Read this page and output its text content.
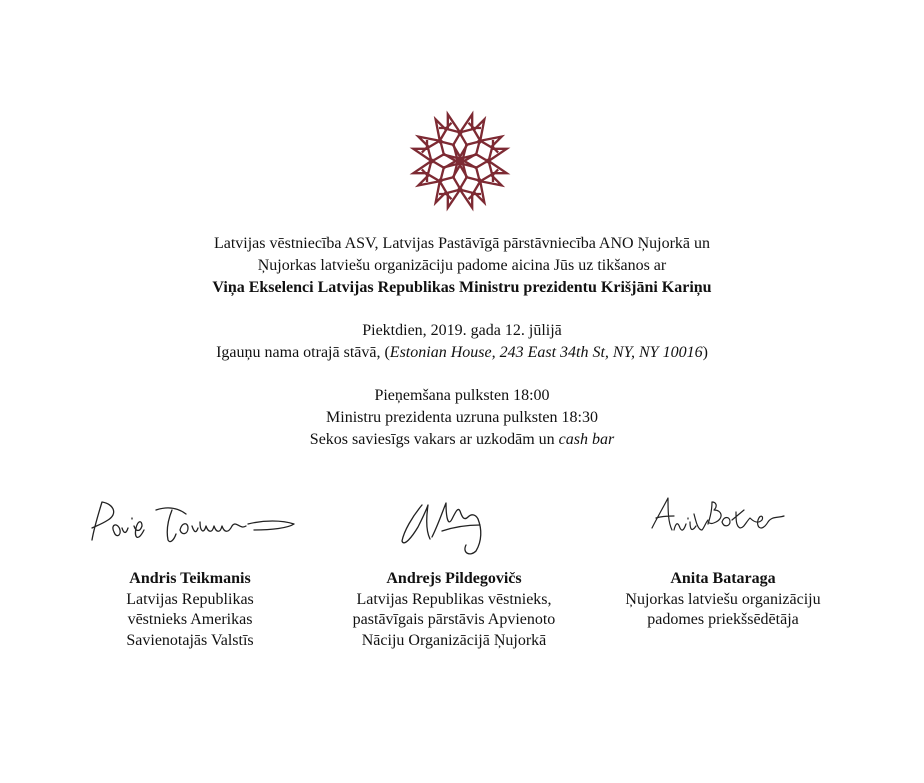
Latvijas vēstniecība ASV, Latvijas Pastāvīgā pārstāvniecība ANO Ņujorkā un

Ņujorkas latviešu organizāciju padome aicina Jūs uz tikšanos ar

Viņa Ekselenci Latvijas Republikas Ministru prezidentu Krišjāni Kariņu

Piektdien, 2019. gada 12. jūlijā

Igauņu nama otrajā stāvā, (Estonian House, 243 East 34th St, NY, NY 10016)

Pieņemšana pulksten 18:00

Ministru prezidenta uzruna pulksten 18:30

Sekos saviesīgs vakars ar uzkodām un cash bar

Andris Teikmanis
Latvijas Republikas
vēstnieks Amerikas
Savienotajās Valstīs
Andrejs Pildegovičs
Latvijas Republikas vēstnieks,
pastāvīgais pārstāvis Apvienoto
Nāciju Organizācijā Ņujorkā
Anita Bataraga
Ņujorkas latviešu organizāciju
padomes priekšsēdētāja
